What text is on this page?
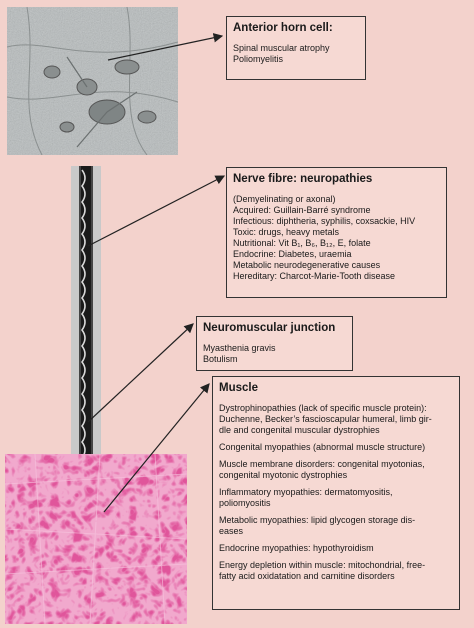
Anterior horn cell:
Spinal muscular atrophy
Poliomyelitis
Nerve fibre: neuropathies
(Demyelinating or axonal)
Acquired: Guillain-Barré syndrome
Infectious: diphtheria, syphilis, coxsackie, HIV
Toxic: drugs, heavy metals
Nutritional: Vit B₁, B₆, B₁₂, E, folate
Endocrine: Diabetes, uraemia
Metabolic neurodegenerative causes
Hereditary: Charcot-Marie-Tooth disease
Neuromuscular junction
Myasthenia gravis
Botulism
Muscle
Dystrophinopathies (lack of specific muscle protein):
Duchenne, Becker’s fascioscapular humeral, limb gir-
dle and congenital muscular dystrophies
Congenital myopathies (abnormal muscle structure)
Muscle membrane disorders: congenital myotonias,
congenital myotonic dystrophies
Inflammatory myopathies: dermatomyositis,
poliomyositis
Metabolic myopathies: lipid glycogen storage dis-
eases
Endocrine myopathies: hypothyroidism
Energy depletion within muscle: mitochondrial, free-
fatty acid oxidatation and carnitine disorders
